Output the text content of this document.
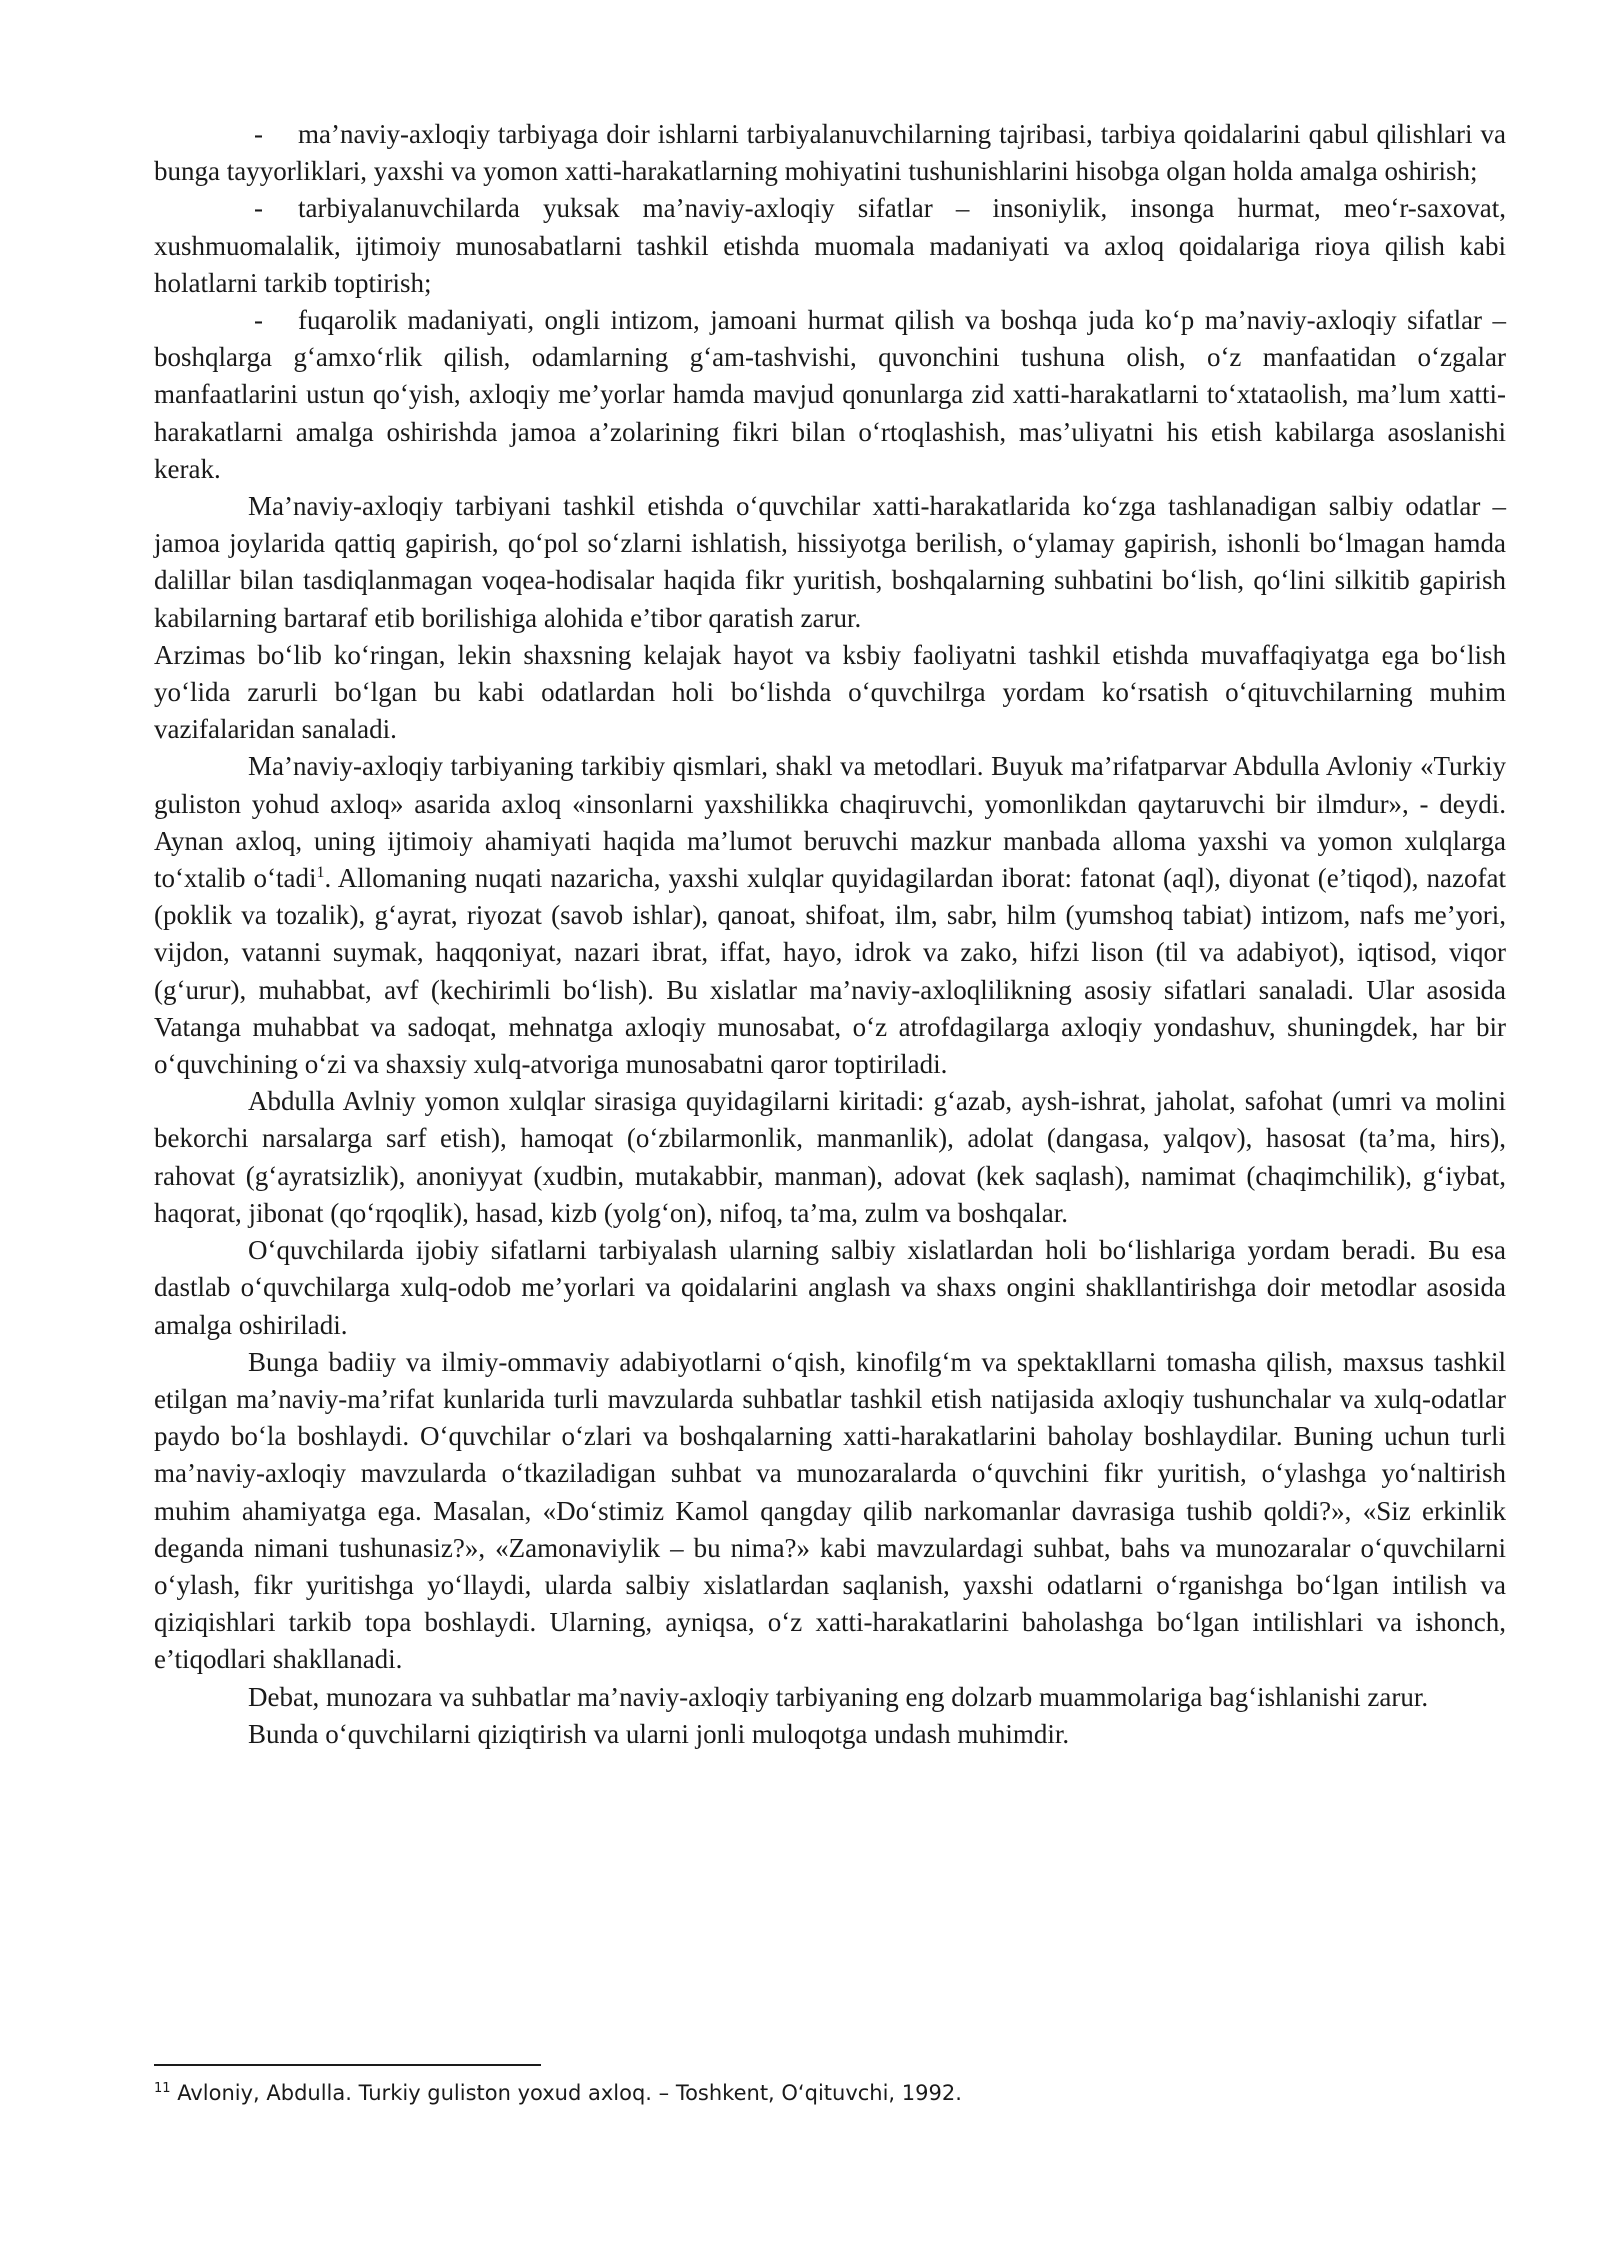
- ma’naviy-axloqiy tarbiyaga doir ishlarni tarbiyalanuvchilarning tajribasi, tarbiya qoidalarini qabul qilishlari va bunga tayyorliklari, yaxshi va yomon xatti-harakatlarning mohiyatini tushunishlarini hisobga olgan holda amalga oshirish;

- tarbiyalanuvchilarda yuksak ma’naviy-axloqiy sifatlar – insoniylik, insonga hurmat, meo‘r-saxovat, xushmuomalalik, ijtimoiy munosabatlarni tashkil etishda muomala madaniyati va axloq qoidalariga rioya qilish kabi holatlarni tarkib toptirish;

- fuqarolik madaniyati, ongli intizom, jamoani hurmat qilish va boshqa juda ko‘p ma’naviy-axloqiy sifatlar – boshqlarga g‘amxo‘rlik qilish, odamlarning g‘am-tashvishi, quvonchini tushuna olish, o‘z manfaatidan o‘zgalar manfaatlarini ustun qo‘yish, axloqiy me’yorlar hamda mavjud qonunlarga zid xatti-harakatlarni to‘xtataolish, ma’lum xatti-harakatlarni amalga oshirishda jamoa a’zolarining fikri bilan o‘rtoqlashish, mas’uliyatni his etish kabilarga asoslanishi kerak.

Ma’naviy-axloqiy tarbiyani tashkil etishda o‘quvchilar xatti-harakatlarida ko‘zga tashlanadigan salbiy odatlar – jamoa joylarida qattiq gapirish, qo‘pol so‘zlarni ishlatish, hissiyotga berilish, o‘ylamay gapirish, ishonli bo‘lmagan hamda dalillar bilan tasdiqlanmagan voqea-hodisalar haqida fikr yuritish, boshqalarning suhbatini bo‘lish, qo‘lini silkitib gapirish kabilarning bartaraf etib borilishiga alohida e’tibor qaratish zarur.

Arzimas bo‘lib ko‘ringan, lekin shaxsning kelajak hayot va ksbiy faoliyatni tashkil etishda muvaffaqiyatga ega bo‘lish yo‘lida zarurli bo‘lgan bu kabi odatlardan holi bo‘lishda o‘quvchilrga yordam ko‘rsatish o‘qituvchilarning muhim vazifalaridan sanaladi.

Ma’naviy-axloqiy tarbiyaning tarkibiy qismlari, shakl va metodlari. Buyuk ma’rifatparvar Abdulla Avloniy «Turkiy guliston yohud axloq» asarida axloq «insonlarni yaxshilikka chaqiruvchi, yomonlikdan qaytaruvchi bir ilmdur», - deydi. Aynan axloq, uning ijtimoiy ahamiyati haqida ma’lumot beruvchi mazkur manbada alloma yaxshi va yomon xulqlarga to‘xtalib o‘tadi$^1$. Allomaning nuqati nazaricha, yaxshi xulqlar quyidagilardan iborat: fatonat (aql), diyonat (e’tiqod), nazofat (poklik va tozalik), g‘ayrat, riyozat (savob ishlar), qanoat, shifoat, ilm, sabr, hilm (yumshoq tabiat) intizom, nafs me’yori, vijdon, vatanni suymak, haqqoniyat, nazari ibrat, iffat, hayo, idrok va zako, hifzi lison (til va adabiyot), iqtisod, viqor (g‘urur), muhabbat, avf (kechirimli bo‘lish). Bu xislatlar ma’naviy-axloqlilikning asosiy sifatlari sanaladi. Ular asosida Vatanga muhabbat va sadoqat, mehnatga axloqiy munosabat, o‘z atrofdagilarga axloqiy yondashuv, shuningdek, har bir o‘quvchining o‘zi va shaxsiy xulq-atvoriga munosabatni qaror toptiriladi.

Abdulla Avlniy yomon xulqlar sirasiga quyidagilarni kiritadi: g‘azab, aysh-ishrat, jaholat, safohat (umri va molini bekorchi narsalarga sarf etish), hamoqat (o‘zbilarmonlik, manmanlik), adolat (dangasa, yalqov), hasosat (ta’ma, hirs), rahovat (g‘ayratsizlik), anoniyyat (xudbin, mutakabbir, manman), adovat (kek saqlash), namimat (chaqimchilik), g‘iybat, haqorat, jibonat (qo‘rqoqlik), hasad, kizb (yolg‘on), nifoq, ta’ma, zulm va boshqalar.

O‘quvchilarda ijobiy sifatlarni tarbiyalash ularning salbiy xislatlardan holi bo‘lishlariga yordam beradi. Bu esa dastlab o‘quvchilarga xulq-odob me’yorlari va qoidalarini anglash va shaxs ongini shakllantirishga doir metodlar asosida amalga oshiriladi.

Bunga badiiy va ilmiy-ommaviy adabiyotlarni o‘qish, kinofilg‘m va spektakllarni tomasha qilish, maxsus tashkil etilgan ma’naviy-ma’rifat kunlarida turli mavzularda suhbatlar tashkil etish natijasida axloqiy tushunchalar va xulq-odatlar paydo bo‘la boshlaydi. O‘quvchilar o‘zlari va boshqalarning xatti-harakatlarini baholay boshlaydilar. Buning uchun turli ma’naviy-axloqiy mavzularda o‘tkaziladigan suhbat va munozaralarda o‘quvchini fikr yuritish, o‘ylashga yo‘naltirish muhim ahamiyatga ega. Masalan, «Do‘stimiz Kamol qangday qilib narkomanlar davrasiga tushib qoldi?», «Siz erkinlik deganda nimani tushunasiz?», «Zamonaviylik – bu nima?» kabi mavzulardagi suhbat, bahs va munozaralar o‘quvchilarni o‘ylash, fikr yuritishga yo‘llaydi, ularda salbiy xislatlardan saqlanish, yaxshi odatlarni o‘rganishga bo‘lgan intilish va qiziqishlari tarkib topa boshlaydi. Ularning, ayniqsa, o‘z xatti-harakatlarini baholashga bo‘lgan intilishlari va ishonch, e’tiqodlari shakllanadi.

Debat, munozara va suhbatlar ma’naviy-axloqiy tarbiyaning eng dolzarb muammolariga bag‘ishlanishi zarur.

Bunda o‘quvchilarni qiziqtirish va ularni jonli muloqotga undash muhimdir.

$^{11}$ Avloniy, Abdulla. Turkiy guliston yoxud axloq. – Toshkent, O‘qituvchi, 1992.
